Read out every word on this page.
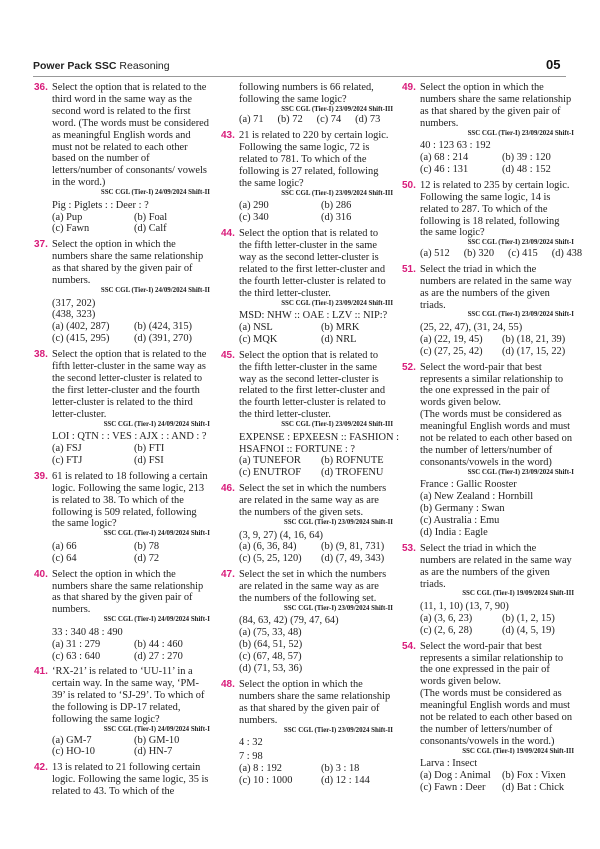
Power Pack SSC Reasoning	05
36. Select the option that is related to the third word in the same way as the second word is related to the first word. (The words must be considered as meaningful English words and must not be related to each other based on the number of letters/number of consonants/ vowels in the word.)
SSC CGL (Tier-I) 24/09/2024 Shift-II
Pig : Piglets : : Deer : ?
(a) Pup	(b) Foal
(c) Fawn	(d) Calf
37. Select the option in which the numbers share the same relationship as that shared by the given pair of numbers.
SSC CGL (Tier-I) 24/09/2024 Shift-II
(317, 202)
(438, 323)
(a) (402, 287)	(b) (424, 315)
(c) (415, 295)	(d) (391, 270)
38. Select the option that is related to the fifth letter-cluster in the same way as the second letter-cluster is related to the first letter-cluster and the fourth letter-cluster is related to the third letter-cluster.
SSC CGL (Tier-I) 24/09/2024 Shift-I
LOI : QTN : : VES : AJX : : AND : ?
(a) FSJ	(b) FTI
(c) FTJ	(d) FSI
39. 61 is related to 18 following a certain logic. Following the same logic, 213 is related to 38. To which of the following is 509 related, following the same logic?
SSC CGL (Tier-I) 24/09/2024 Shift-I
(a) 66	(b) 78
(c) 64	(d) 72
40. Select the option in which the numbers share the same relationship as that shared by the given pair of numbers.
SSC CGL (Tier-I) 24/09/2024 Shift-I
33 : 340 48 : 490
(a) 31 : 279	(b) 44 : 460
(c) 63 : 640	(d) 27 : 270
41. ‘RX-21’ is related to ‘UU-11’ in a certain way. In the same way, ‘PM-39’ is related to ‘SJ-29’. To which of the following is DP-17 related, following the same logic?
SSC CGL (Tier-I) 24/09/2024 Shift-I
(a) GM-7	(b) GM-10
(c) HO-10	(d) HN-7
42. 13 is related to 21 following certain logic. Following the same logic, 35 is related to 43. To which of the
following numbers is 66 related, following the same logic?
SSC CGL (Tier-I) 23/09/2024 Shift-III
(a) 71 (b) 72 (c) 74 (d) 73
43. 21 is related to 220 by certain logic. Following the same logic, 72 is related to 781. To which of the following is 27 related, following the same logic?
SSC CGL (Tier-I) 23/09/2024 Shift-III
(a) 290	(b) 286
(c) 340	(d) 316
44. Select the option that is related to the fifth letter-cluster in the same way as the second letter-cluster is related to the first letter-cluster and the fourth letter-cluster is related to the third letter-cluster.
SSC CGL (Tier-I) 23/09/2024 Shift-III
MSD: NHW :: OAE : LZV :: NIP:?
(a) NSL	(b) MRK
(c) MQK	(d) NRL
45. Select the option that is related to the fifth letter-cluster in the same way as the second letter-cluster is related to the first letter-cluster and the fourth letter-cluster is related to the third letter-cluster.
SSC CGL (Tier-I) 23/09/2024 Shift-III
EXPENSE : EPXEESN :: FASHION :
HSAFNOI :: FORTUNE : ?
(a) TUNEFOR	(b) ROFNUTE
(c) ENUTROF	(d) TROFENU
46. Select the set in which the numbers are related in the same way as are the numbers of the given sets.
SSC CGL (Tier-I) 23/09/2024 Shift-II
(3, 9, 27) (4, 16, 64)
(a) (6, 36, 84)	(b) (9, 81, 731)
(c) (5, 25, 120)	(d) (7, 49, 343)
47. Select the set in which the numbers are related in the same way as are the numbers of the following set.
SSC CGL (Tier-I) 23/09/2024 Shift-II
(84, 63, 42) (79, 47, 64)
(a) (75, 33, 48)
(b) (64, 51, 52)
(c) (67, 48, 57)
(d) (71, 53, 36)
48. Select the option in which the numbers share the same relationship as that shared by the given pair of numbers.
SSC CGL (Tier-I) 23/09/2024 Shift-II
4 : 32
7 : 98
(a) 8 : 192	(b) 3 : 18
(c) 10 : 1000	(d) 12 : 144
49. Select the option in which the numbers share the same relationship as that shared by the given pair of numbers.
SSC CGL (Tier-I) 23/09/2024 Shift-I
40 : 123 63 : 192
(a) 68 : 214	(b) 39 : 120
(c) 46 : 131	(d) 48 : 152
50. 12 is related to 235 by certain logic. Following the same logic, 14 is related to 287. To which of the following is 18 related, following the same logic?
SSC CGL (Tier-I) 23/09/2024 Shift-I
(a) 512 (b) 320 (c) 415 (d) 438
51. Select the triad in which the numbers are related in the same way as are the numbers of the given triads.
SSC CGL (Tier-I) 23/09/2024 Shift-I
(25, 22, 47), (31, 24, 55)
(a) (22, 19, 45)	(b) (18, 21, 39)
(c) (27, 25, 42)	(d) (17, 15, 22)
52. Select the word-pair that best represents a similar relationship to the one expressed in the pair of words given below.
(The words must be considered as meaningful English words and must not be related to each other based on the number of letters/number of consonants/vowels in the word)
SSC CGL (Tier-I) 23/09/2024 Shift-I
France : Gallic Rooster
(a) New Zealand : Hornbill
(b) Germany : Swan
(c) Australia : Emu
(d) India : Eagle
53. Select the triad in which the numbers are related in the same way as are the numbers of the given triads.
SSC CGL (Tier-I) 19/09/2024 Shift-III
(11, 1, 10) (13, 7, 90)
(a) (3, 6, 23)	(b) (1, 2, 15)
(c) (2, 6, 28)	(d) (4, 5, 19)
54. Select the word-pair that best represents a similar relationship to the one expressed in the pair of words given below.
(The words must be considered as meaningful English words and must not be related to each other based on the number of letters/number of consonants/vowels in the word.)
SSC CGL (Tier-I) 19/09/2024 Shift-III
Larva : Insect
(a) Dog : Animal	(b) Fox : Vixen
(c) Fawn : Deer	(d) Bat : Chick
